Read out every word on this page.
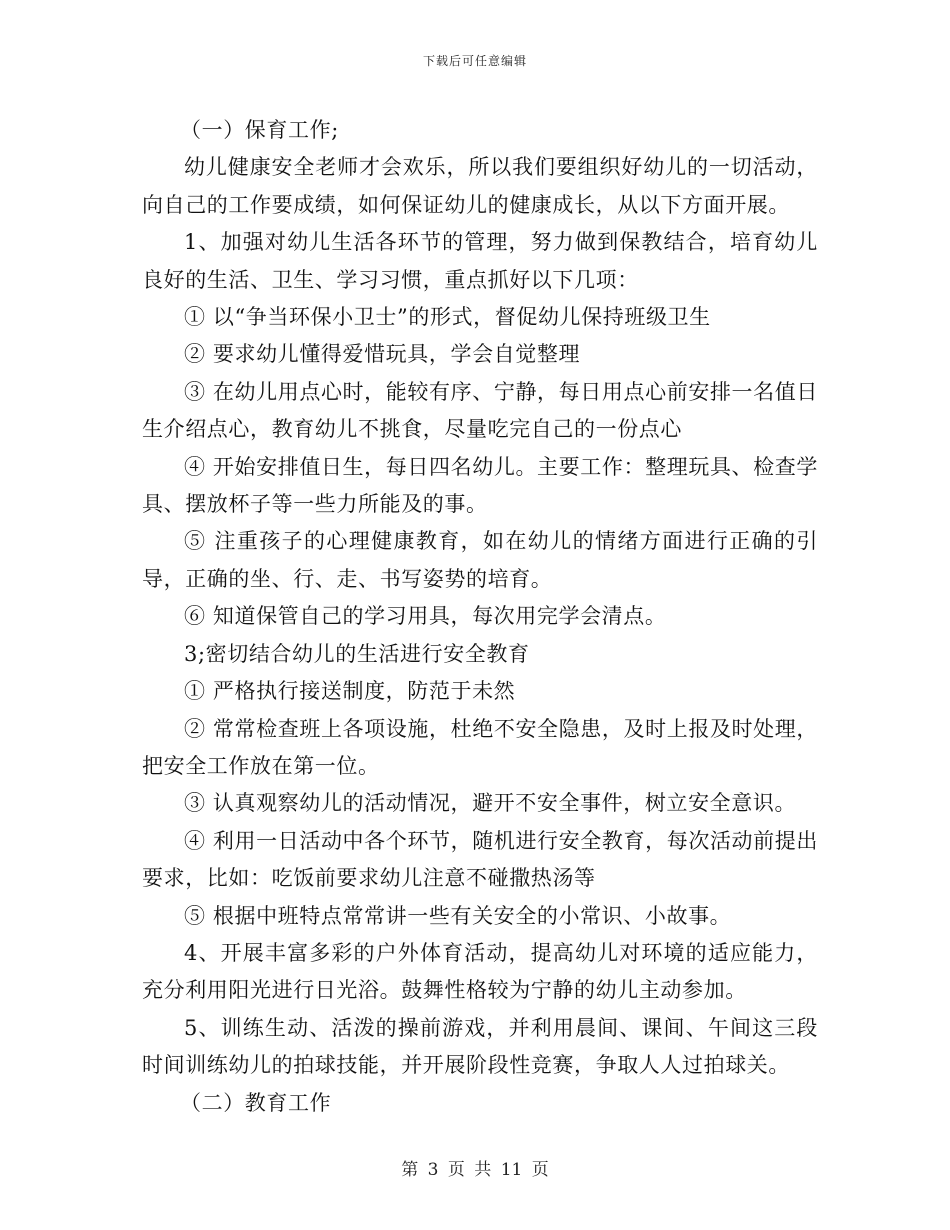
下载后可任意编辑

（一）保育工作;

幼儿健康安全老师才会欢乐，所以我们要组织好幼儿的一切活动，向自己的工作要成绩，如何保证幼儿的健康成长，从以下方面开展。

1、加强对幼儿生活各环节的管理，努力做到保教结合，培育幼儿良好的生活、卫生、学习习惯，重点抓好以下几项：

① 以“争当环保小卫士”的形式，督促幼儿保持班级卫生

② 要求幼儿懂得爱惜玩具，学会自觉整理

③ 在幼儿用点心时，能较有序、宁静，每日用点心前安排一名值日生介绍点心，教育幼儿不挑食，尽量吃完自己的一份点心

④ 开始安排值日生，每日四名幼儿。主要工作：整理玩具、检查学具、摆放杯子等一些力所能及的事。

⑤ 注重孩子的心理健康教育，如在幼儿的情绪方面进行正确的引导，正确的坐、行、走、书写姿势的培育。

⑥ 知道保管自己的学习用具，每次用完学会清点。

3;密切结合幼儿的生活进行安全教育

① 严格执行接送制度，防范于未然

② 常常检查班上各项设施，杜绝不安全隐患，及时上报及时处理，把安全工作放在第一位。

③ 认真观察幼儿的活动情况，避开不安全事件，树立安全意识。

④ 利用一日活动中各个环节，随机进行安全教育，每次活动前提出要求，比如：吃饭前要求幼儿注意不碰撒热汤等

⑤ 根据中班特点常常讲一些有关安全的小常识、小故事。

4、开展丰富多彩的户外体育活动，提高幼儿对环境的适应能力，充分利用阳光进行日光浴。鼓舞性格较为宁静的幼儿主动参加。

5、训练生动、活泼的操前游戏，并利用晨间、课间、午间这三段时间训练幼儿的拍球技能，并开展阶段性竞赛，争取人人过拍球关。

（二）教育工作

第 3 页 共 11 页
